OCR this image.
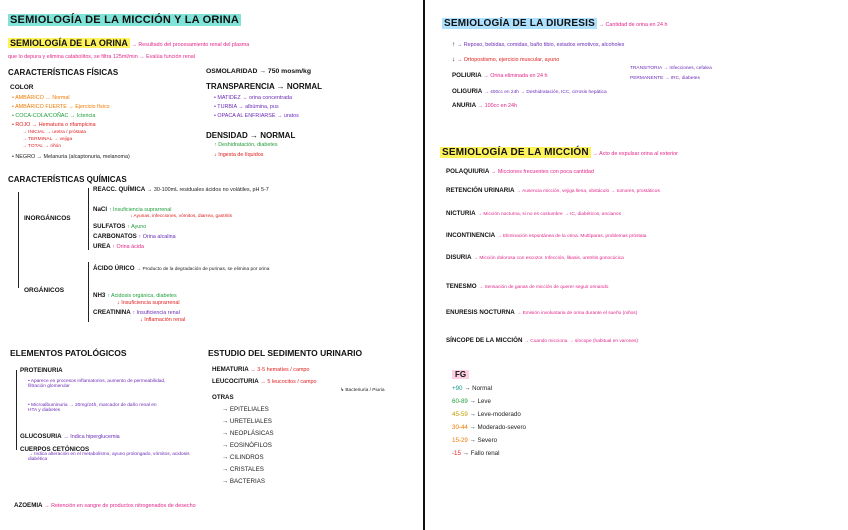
SEMIOLOGÍA DE LA MICCIÓN Y LA ORINA
SEMIOLOGÍA DE LA ORINA → Resultado del procesamiento renal del plasma
que lo depura y elimina catabolitos, se filtra 125ml/min → Evalúa función renal
CARACTERÍSTICAS FÍSICAS
COLOR
• AMBÁRICO → Normal
• AMBÁRICO FUERTE → Ejercicio físico
• COCA-COLA/COÑAC → Ictericia
• ROJO → Hematuria o rifampicina
→ INICIAL → uretra / próstata
→ TERMINAL → vejiga
→ TOTAL → riñón
• NEGRO → Melanuria (alcaptonuria, melanoma)
OSMOLARIDAD → 750 mosm/kg
TRANSPARENCIA → NORMAL
• MATIDEZ → orina concentrada
• TURBIA → albúmina, pus
• OPACA AL ENFRIARSE → uratos
DENSIDAD → NORMAL
↑ Deshidratación, diabetes
↓ Ingesta de líquidos
CARACTERÍSTICAS QUÍMICAS
INORGÁNICOS
REACC. QUÍMICA → 30-100mL residuales ácidos no volátiles, pH 5-7
NaCl ↑ Insuficiencia suprarrenal
↓ Ayunas, infecciones, vómitos, diarrea, gastritis
SULFATOS ↑ Ayuno
CARBONATOS ↑ Orina alcalina
UREA ↑ Orina ácida
ORGÁNICOS
ÁCIDO ÚRICO → Producto de la degradación de purinas, se elimina por orina
NH3 ↑ Acidosis orgánica, diabetes
↓ Insuficiencia suprarrenal
CREATININA ↑ Insuficiencia renal
↓ Inflamación renal
ELEMENTOS PATOLÓGICOS
PROTEINURIA
• Aparece en procesos inflamatorios, aumento de permeabilidad, filtración glomerular
• Microalbuminuria → 20mg/24h, marcador de daño renal en HTA y diabetes
GLUCOSURIA → Indica hiperglucemia
CUERPOS CETÓNICOS
→ Indica alteración en el metabolismo, ayuno prolongado, vómitos, acidosis diabética
ESTUDIO DEL SEDIMENTO URINARIO
HEMATURIA → 3-5 hematíes / campo
LEUCOCITURIA → 5 leucocitos / campo
↳ Bacteriuria / Piuria
OTRAS
→ EPITELIALES
→ URETELIALES
→ NEOPLÁSICAS
→ EOSINÓFILOS
→ CILINDROS
→ CRISTALES
→ BACTERIAS
AZOEMIA → Retención en sangre de productos nitrogenados de desecho
SEMIOLOGÍA DE LA DIURESIS → Cantidad de orina en 24 h
↑ → Reposo, bebidas, comidas, baño tibio, estados emotivos, alcoholes
↓ → Ortopostismo, ejercicio muscular, ayuno
POLIURIA → Orina eliminada en 24 h
TRANSITORIA → Infecciones, cefalea
PERMANENTE → IRC, diabetes
OLIGURIA → 400cc en 24h → Deshidratación, ICC, cirrosis hepática
ANURIA → 100cc en 24h
SEMIOLOGÍA DE LA MICCIÓN → Acto de expulsar orina al exterior
POLAQUIURIA → Micciones frecuentes con poca cantidad
RETENCIÓN URINARIA → Ausencia micción, vejiga llena, obstáculo → tumores, prostáticos
NICTURIA → Micción nocturna, si no es costumbre → IC, diabéticos, ancianos
INCONTINENCIA → Eliminación espontánea de la orina. Multíparas, problemas próstata
DISURIA → Micción dolorosa con escozor. Infección, litiasis, uretritis gonocócica
TENESMO → Sensación de ganas de micción de querer seguir orinando
ENURESIS NOCTURNA → Emisión involuntaria de orina durante el sueño (niños)
SÍNCOPE DE LA MICCIÓN → Cuando micciona → síncope (habitual en varones)
FG
+90 → Normal
60-89 → Leve
45-59 → Leve-moderado
30-44 → Moderado-severo
15-29 → Severo
-15 → Fallo renal
